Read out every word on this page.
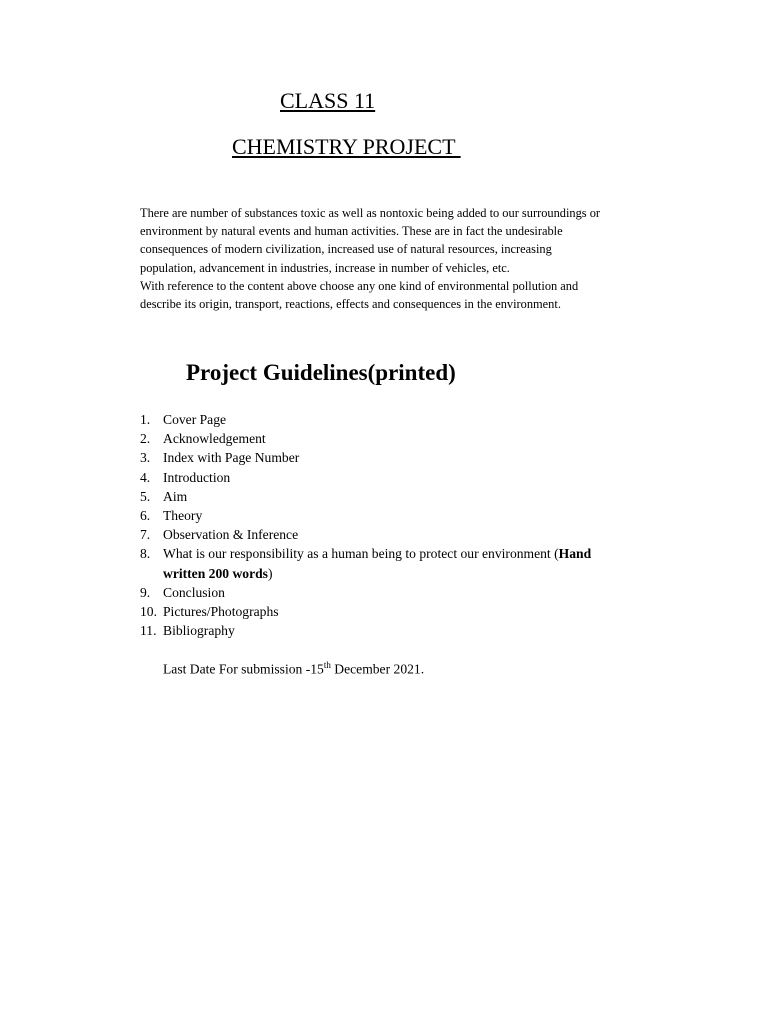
CLASS 11
CHEMISTRY PROJECT

There are number of substances toxic as well as nontoxic being added to our surroundings or

environment by natural events and human activities. These are in fact the undesirable

consequences of modern civilization, increased use of natural resources, increasing

population, advancement in industries, increase in number of vehicles, etc.

With reference to the content above choose any one kind of environmental pollution and

describe its origin, transport, reactions, effects and consequences in the environment.

Project Guidelines(printed)
1. Cover Page
2. Acknowledgement
3. Index with Page Number
4. Introduction
5. Aim
6. Theory
7. Observation & Inference
8. What is our responsibility as a human being to protect our environment (Hand
written 200 words)
9. Conclusion
10. Pictures/Photographs
11. Bibliography
Last Date For submission -15th December 2021.
